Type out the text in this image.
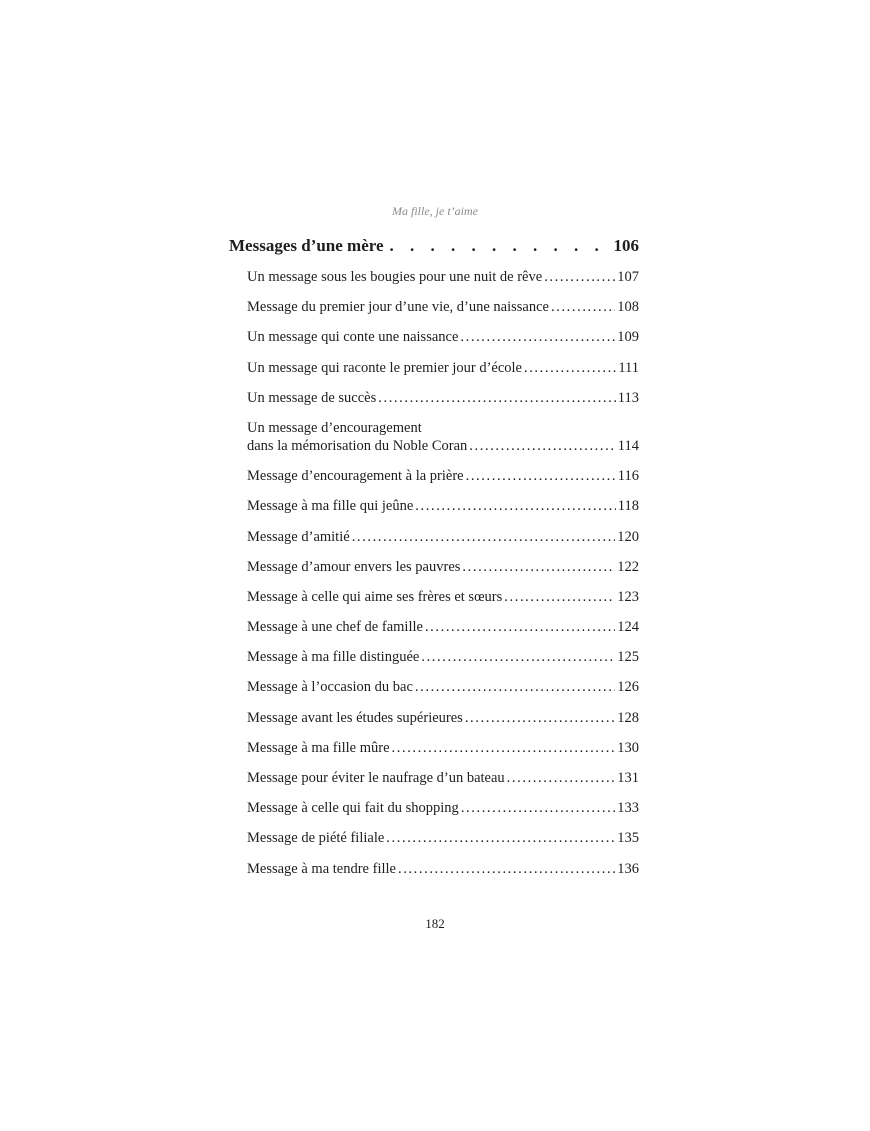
Ma fille, je t’aime
Messages d’une mère . . .	106
Un message sous les bougies pour une nuit de rêve .....	107
Message du premier jour d’une vie, d’une naissance .....	108
Un message qui conte une naissance .....	109
Un message qui raconte le premier jour d’école .....	111
Un message de succès .....	113
Un message d’encouragement
dans la mémorisation du Noble Coran .....	114
Message d’encouragement à la prière .....	116
Message à ma fille qui jeûne .....	118
Message d’amitié .....	120
Message d’amour envers les pauvres .....	122
Message à celle qui aime ses frères et sœurs .....	123
Message à une chef de famille .....	124
Message à ma fille distinguée .....	125
Message à l’occasion du bac .....	126
Message avant les études supérieures .....	128
Message à ma fille mûre .....	130
Message pour éviter le naufrage d’un bateau .....	131
Message à celle qui fait du shopping .....	133
Message de piété filiale .....	135
Message à ma tendre fille .....	136
182
